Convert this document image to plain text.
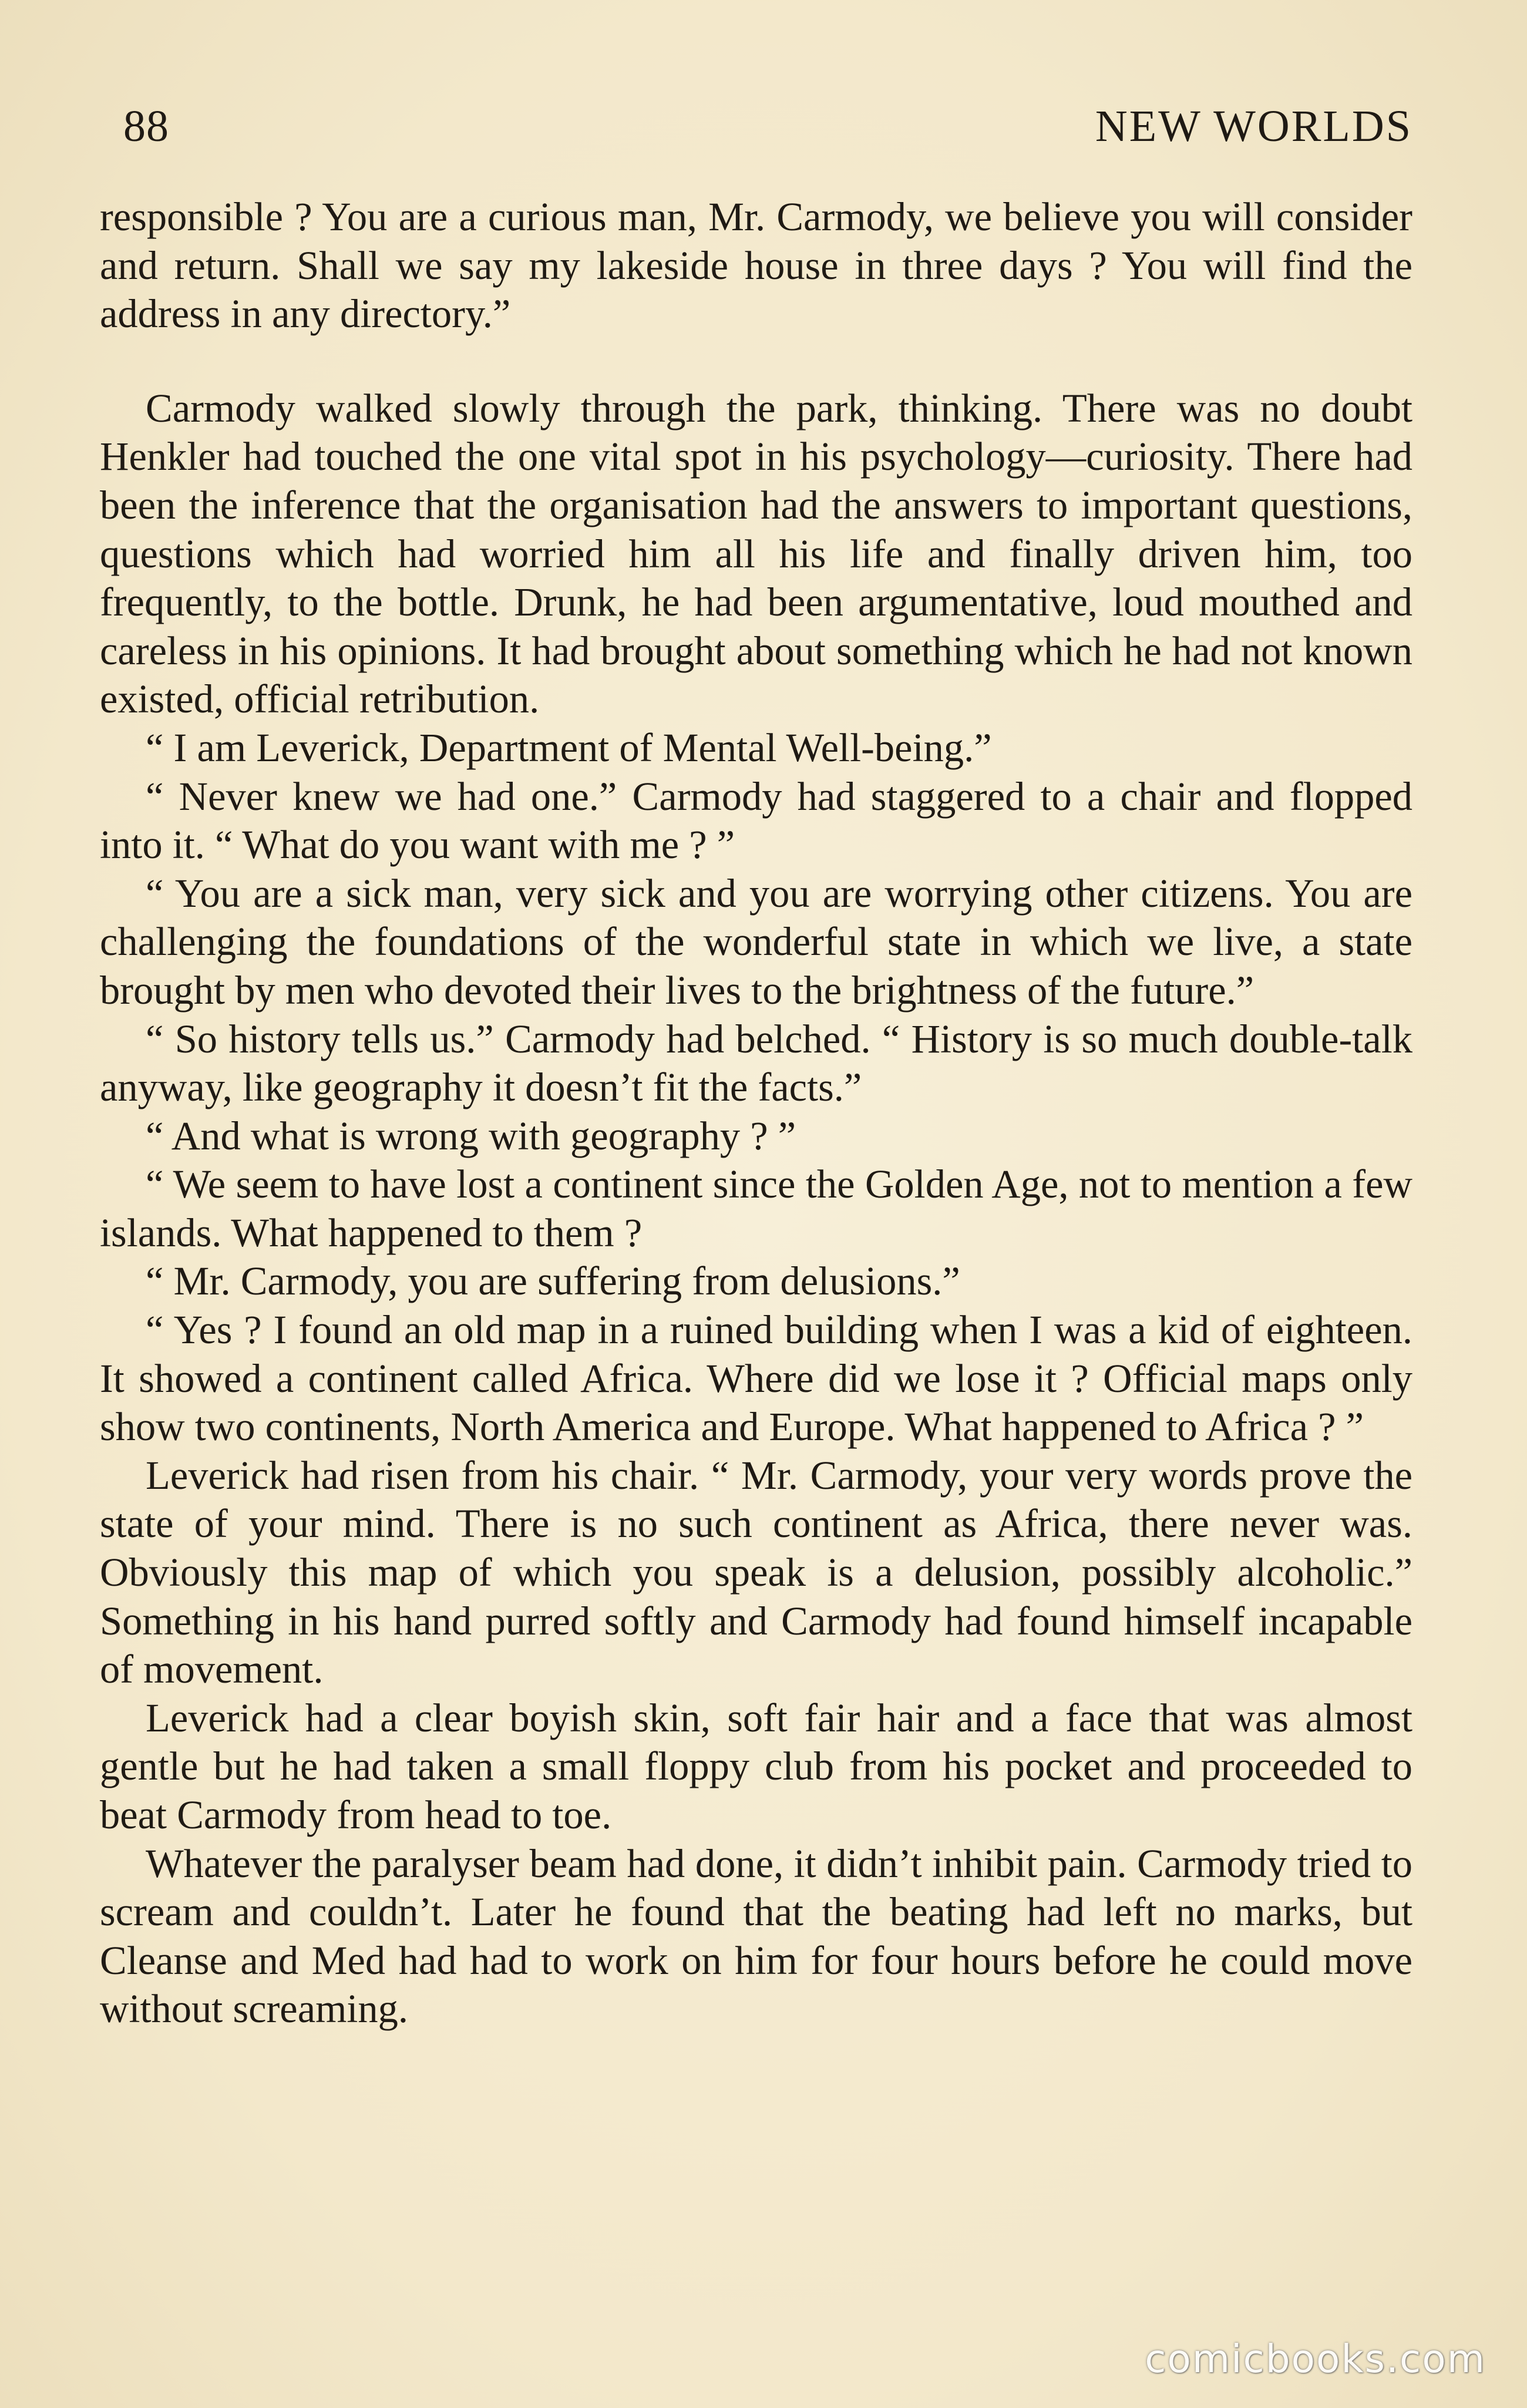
88	NEW WORLDS

responsible ? You are a curious man, Mr. Carmody, we believe you will consider and return. Shall we say my lakeside house in three days ? You will find the address in any directory.”

Carmody walked slowly through the park, thinking. There was no doubt Henkler had touched the one vital spot in his psychology—curiosity. There had been the inference that the organisation had the answers to important questions, questions which had worried him all his life and finally driven him, too frequently, to the bottle. Drunk, he had been argumentative, loud mouthed and careless in his opinions. It had brought about something which he had not known existed, official retribution.

“ I am Leverick, Department of Mental Well-being.”

“ Never knew we had one.” Carmody had staggered to a chair and flopped into it. “ What do you want with me ? ”

“ You are a sick man, very sick and you are worrying other citizens. You are challenging the foundations of the wonderful state in which we live, a state brought by men who devoted their lives to the brightness of the future.”

“ So history tells us.” Carmody had belched. “ History is so much double-talk anyway, like geography it doesn’t fit the facts.”

“ And what is wrong with geography ? ”

“ We seem to have lost a continent since the Golden Age, not to mention a few islands. What happened to them ?

“ Mr. Carmody, you are suffering from delusions.”

“ Yes ? I found an old map in a ruined building when I was a kid of eighteen. It showed a continent called Africa. Where did we lose it ? Official maps only show two continents, North America and Europe. What happened to Africa ? ”

Leverick had risen from his chair. “ Mr. Carmody, your very words prove the state of your mind. There is no such continent as Africa, there never was. Obviously this map of which you speak is a delusion, possibly alcoholic.” Something in his hand purred softly and Carmody had found himself incapable of movement.

Leverick had a clear boyish skin, soft fair hair and a face that was almost gentle but he had taken a small floppy club from his pocket and proceeded to beat Carmody from head to toe.

Whatever the paralyser beam had done, it didn’t inhibit pain. Carmody tried to scream and couldn’t. Later he found that the beating had left no marks, but Cleanse and Med had had to work on him for four hours before he could move without screaming.

comicbooks.com
